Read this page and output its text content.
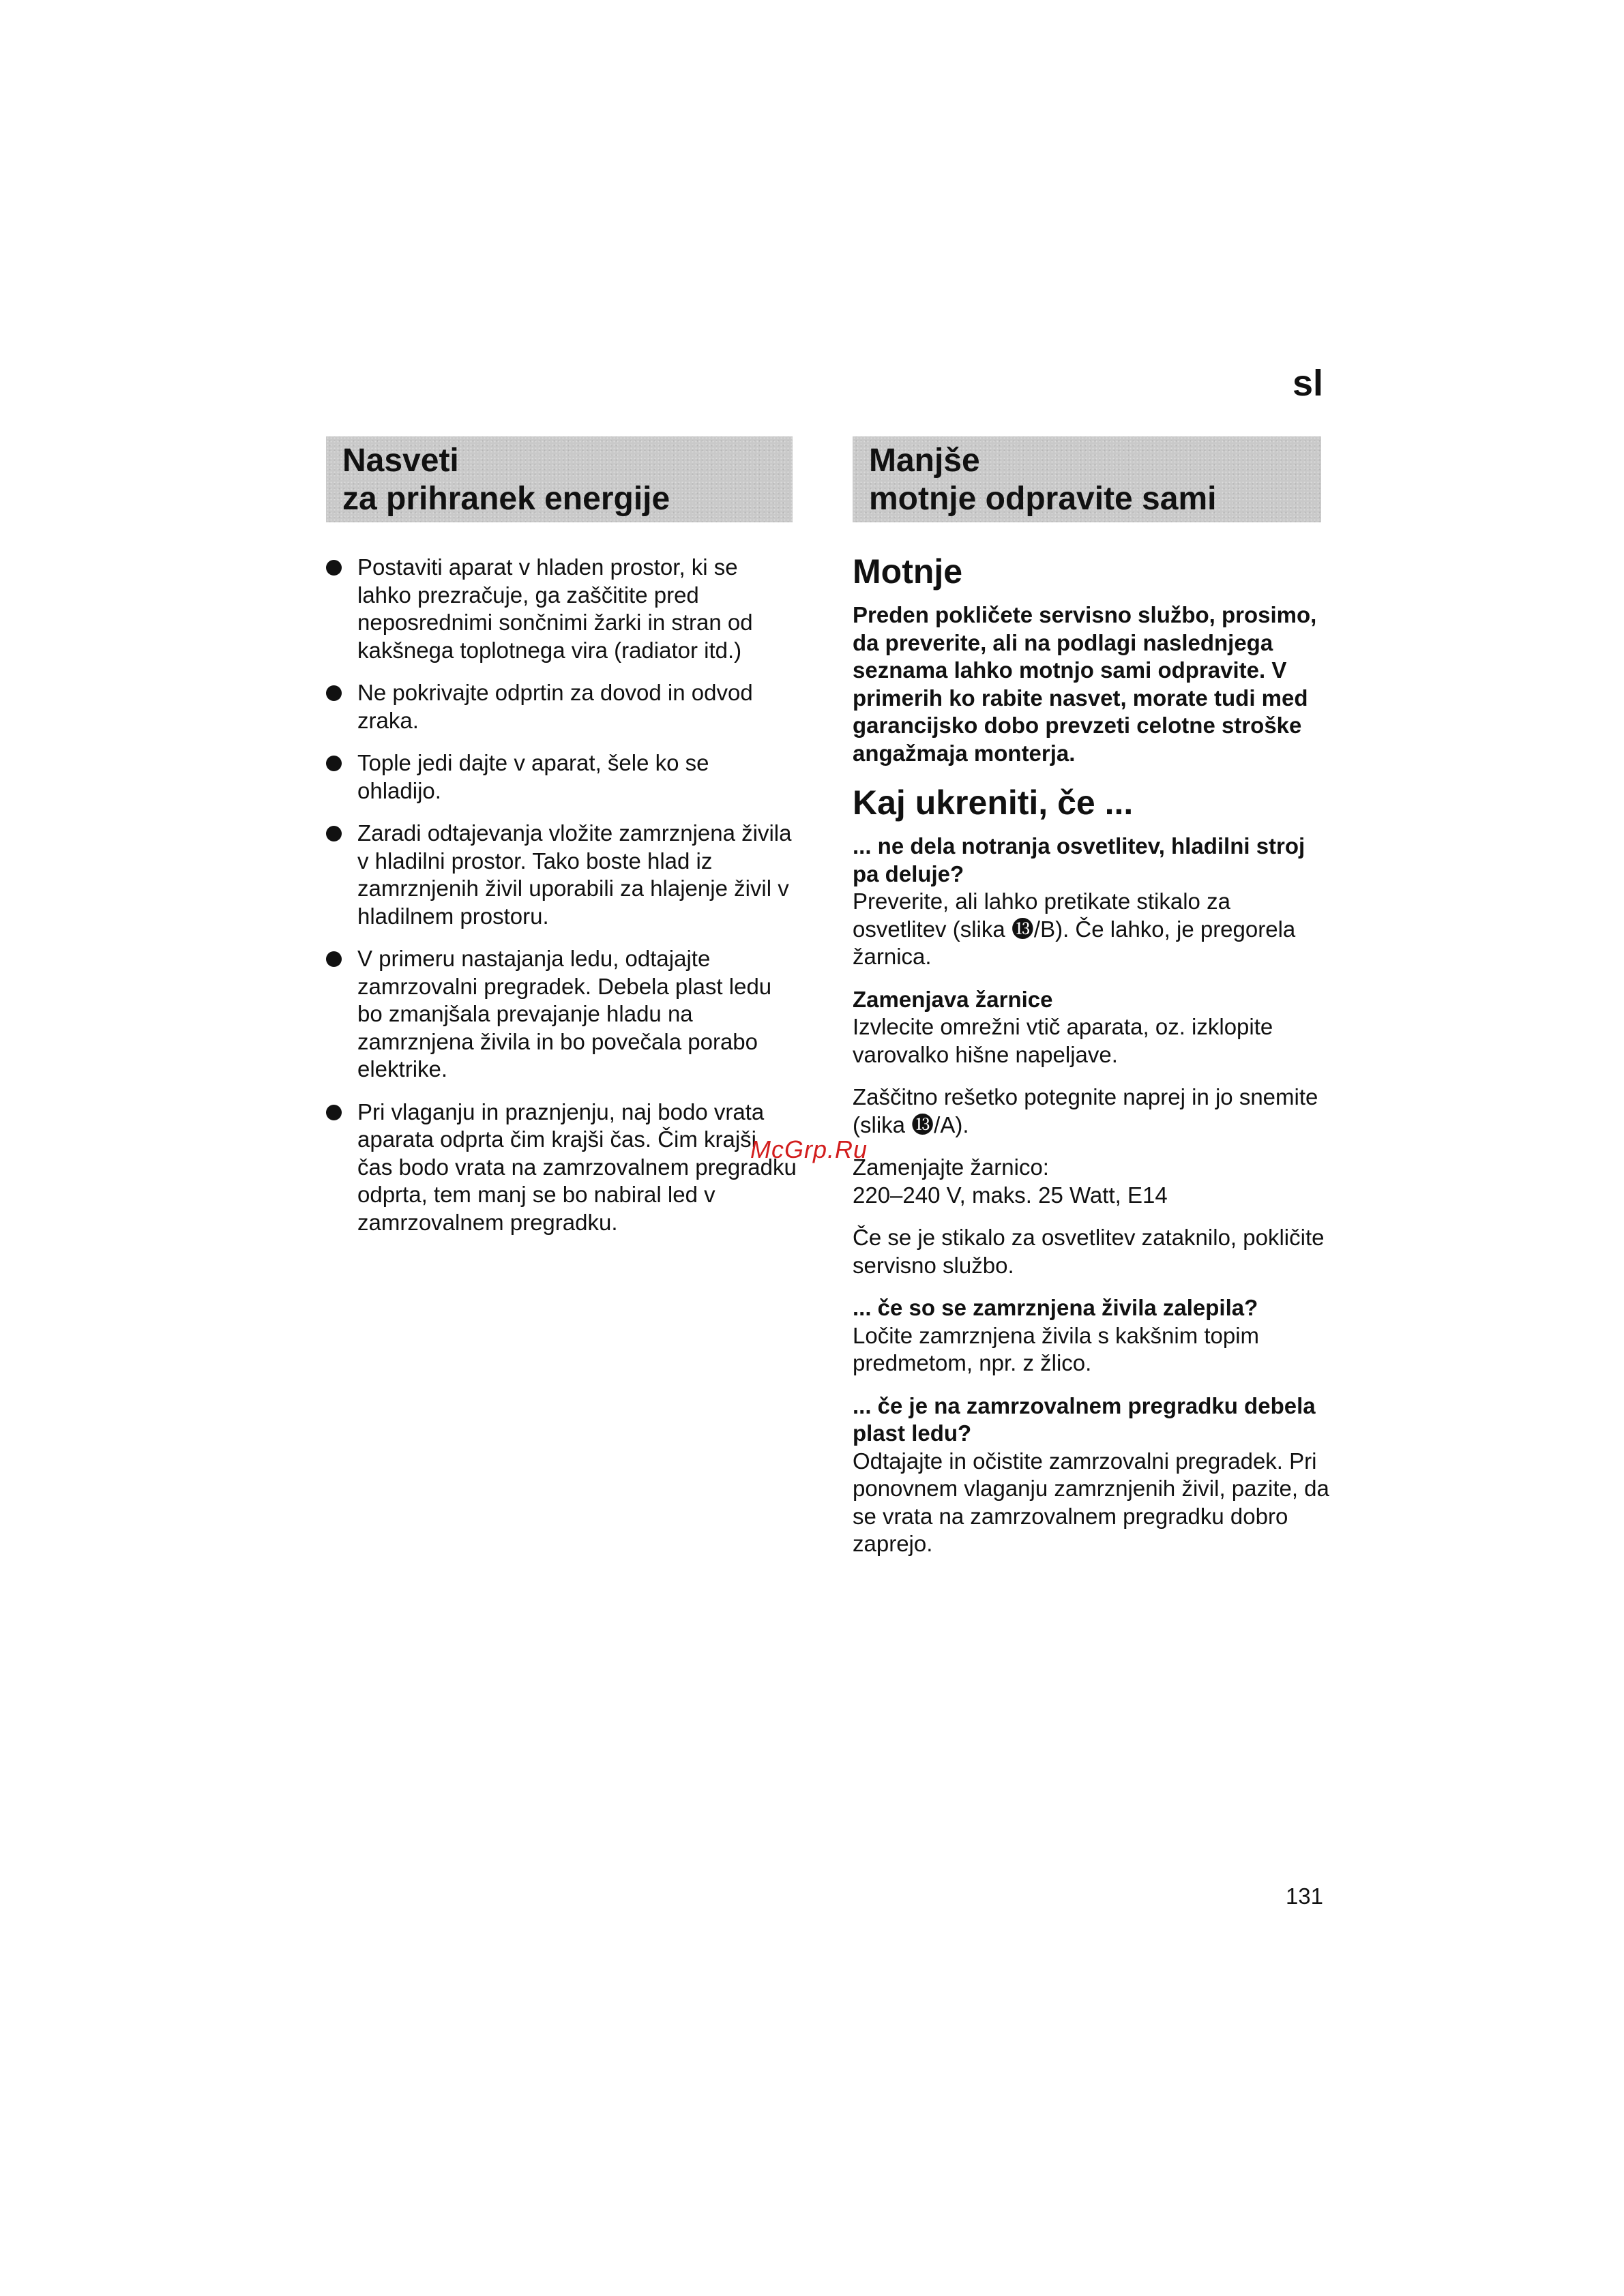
sl
Nasveti
za prihranek energije
Manjše
motnje odpravite sami
Postaviti aparat v hladen prostor, ki se lahko prezračuje, ga zaščitite pred neposrednimi sončnimi žarki in stran od kakšnega toplotnega vira (radiator itd.)
Ne pokrivajte odprtin za dovod in odvod zraka.
Tople jedi dajte v aparat, šele ko se ohladijo.
Zaradi odtajevanja vložite zamrznjena živila v hladilni prostor. Tako boste hlad iz zamrznjenih živil uporabili za hlajenje živil v hladilnem prostoru.
V primeru nastajanja ledu, odtajajte zamrzovalni pregradek. Debela plast ledu bo zmanjšala prevajanje hladu na zamrznjena živila in bo povečala porabo elektrike.
Pri vlaganju in praznjenju, naj bodo vrata aparata odprta čim krajši čas. Čim krajši čas bodo vrata na zamrzovalnem pregradku odprta, tem manj se bo nabiral led v zamrzovalnem pregradku.
Motnje

Preden pokličete servisno službo, prosimo, da preverite, ali na podlagi naslednjega seznama lahko motnjo sami odpravite. V primerih ko rabite nasvet, morate tudi med garancijsko dobo prevzeti celotne stroške angažmaja monterja.

Kaj ukreniti, če ...

... ne dela notranja osvetlitev, hladilni stroj pa deluje?
Preverite, ali lahko pretikate stikalo za osvetlitev (slika ⓭/B). Če lahko, je pregorela žarnica.

Zamenjava žarnice
Izvlecite omrežni vtič aparata, oz. izklopite varovalko hišne napeljave.

Zaščitno rešetko potegnite naprej in jo snemite (slika ⓭/A).

Zamenjajte žarnico:
220–240 V, maks. 25 Watt, E14

Če se je stikalo za osvetlitev zataknilo, pokličite servisno službo.

... če so se zamrznjena živila zalepila?
Ločite zamrznjena živila s kakšnim topim predmetom, npr. z žlico.

... če je na zamrzovalnem pregradku debela plast ledu?
Odtajajte in očistite zamrzovalni pregradek. Pri ponovnem vlaganju zamrznjenih živil, pazite, da se vrata na zamrzovalnem pregradku dobro zaprejo.

McGrp.Ru
131
